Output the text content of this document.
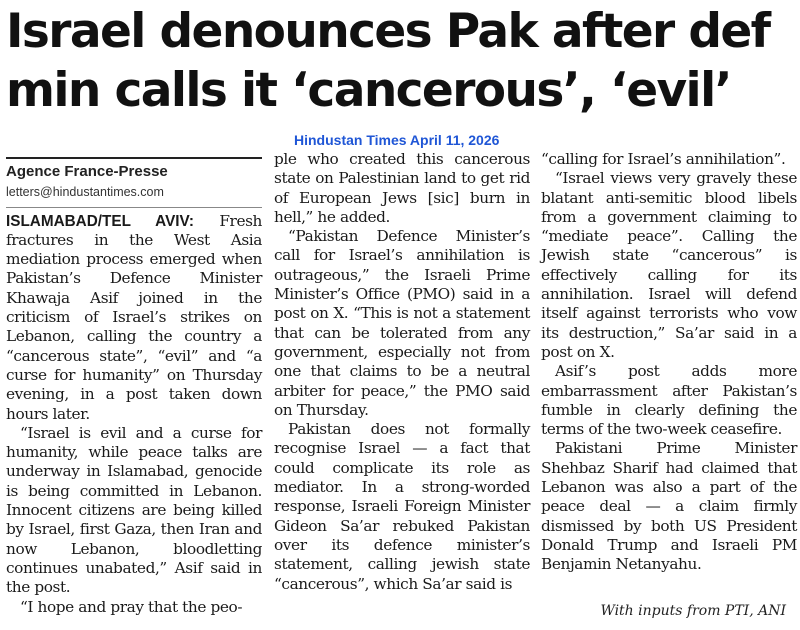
Israel denounces Pak after def
min calls it ‘cancerous’, ‘evil’
Hindustan Times April 11, 2026
Agence France-Presse
letters@hindustantimes.com

ISLAMABAD/TEL AVIV: Fresh fractures in the West Asia mediation process emerged when Pakistan’s Defence Minister Khawaja Asif joined in the criticism of Israel’s strikes on Lebanon, calling the country a “cancerous state”, “evil” and “a curse for humanity” on Thursday evening, in a post taken down hours later.

“Israel is evil and a curse for humanity, while peace talks are underway in Islamabad, genocide is being committed in Lebanon. Innocent citizens are being killed by Israel, first Gaza, then Iran and now Lebanon, bloodletting continues unabated,” Asif said in the post.

“I hope and pray that the peo-

ple who created this cancerous state on Palestinian land to get rid of European Jews [sic] burn in hell,” he added.

“Pakistan Defence Minister’s call for Israel’s annihilation is outrageous,” the Israeli Prime Minister’s Office (PMO) said in a post on X. “This is not a statement that can be tolerated from any government, especially not from one that claims to be a neutral arbiter for peace,” the PMO said on Thursday.

Pakistan does not formally recognise Israel — a fact that could complicate its role as mediator. In a strong-worded response, Israeli Foreign Minister Gideon Sa’ar rebuked Pakistan over its defence minister’s statement, calling jewish state “cancerous”, which Sa’ar said is

“calling for Israel’s annihilation”.

“Israel views very gravely these blatant anti-semitic blood libels from a government claiming to “mediate peace”. Calling the Jewish state “cancerous” is effectively calling for its annihilation. Israel will defend itself against terrorists who vow its destruction,” Sa’ar said in a post on X.

Asif’s post adds more embarrassment after Pakistan’s fumble in clearly defining the terms of the two-week ceasefire.

Pakistani Prime Minister Shehbaz Sharif had claimed that Lebanon was also a part of the peace deal — a claim firmly dismissed by both US President Donald Trump and Israeli PM Benjamin Netanyahu.

With inputs from PTI, ANI
